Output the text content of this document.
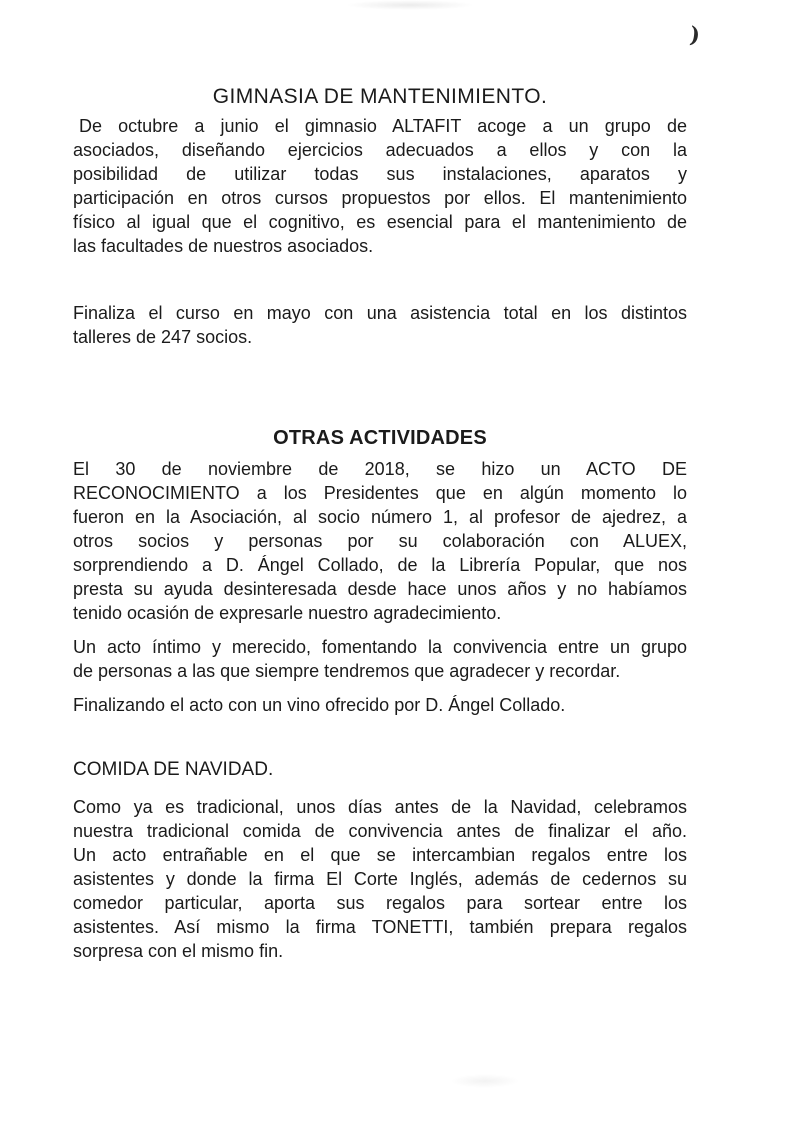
)
GIMNASIA DE MANTENIMIENTO.
De octubre a junio el gimnasio ALTAFIT acoge a un grupo de
asociados, diseñando ejercicios adecuados a ellos y con la
posibilidad de utilizar todas sus instalaciones, aparatos y
participación en otros cursos propuestos por ellos. El mantenimiento
físico al igual que el cognitivo, es esencial para el mantenimiento de
las facultades de nuestros asociados.
Finaliza el curso en mayo con una asistencia total en los distintos
talleres de 247 socios.
OTRAS ACTIVIDADES
El 30 de noviembre de 2018, se hizo un ACTO DE
RECONOCIMIENTO a los Presidentes que en algún momento lo
fueron en la Asociación, al socio número 1, al profesor de ajedrez, a
otros socios y personas por su colaboración con ALUEX,
sorprendiendo a D. Ángel Collado, de la Librería Popular, que nos
presta su ayuda desinteresada desde hace unos años y no habíamos
tenido ocasión de expresarle nuestro agradecimiento.
Un acto íntimo y merecido, fomentando la convivencia entre un grupo
de personas a las que siempre tendremos que agradecer y recordar.
Finalizando el acto con un vino ofrecido por D. Ángel Collado.
COMIDA DE NAVIDAD.
Como ya es tradicional, unos días antes de la Navidad, celebramos
nuestra tradicional comida de convivencia antes de finalizar el año.
Un acto entrañable en el que se intercambian regalos entre los
asistentes y donde la firma El Corte Inglés, además de cedernos su
comedor particular, aporta sus regalos para sortear entre los
asistentes. Así mismo la firma TONETTI, también prepara regalos
sorpresa con el mismo fin.
